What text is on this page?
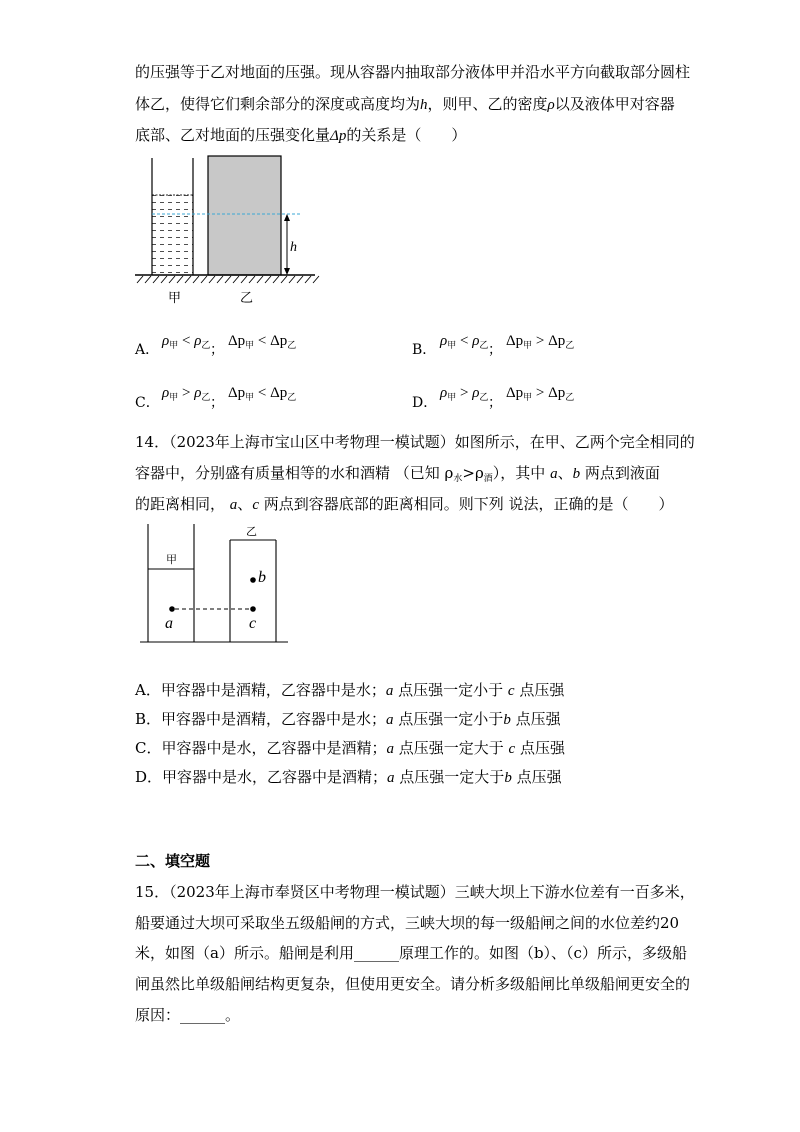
的压强等于乙对地面的压强。现从容器内抽取部分液体甲并沿水平方向截取部分圆柱
体乙，使得它们剩余部分的深度或高度均为h，则甲、乙的密度ρ以及液体甲对容器
底部、乙对地面的压强变化量Δp的关系是（　　）
h
甲	乙
A．
$\rho_甲 < \rho_乙$ ；
$\Delta p_甲 < \Delta p_乙$	B．
$\rho_甲 < \rho_乙$ ；
$\Delta p_甲 > \Delta p_乙$
C．
$\rho_甲 > \rho_乙$ ；
$\Delta p_甲 < \Delta p_乙$	D．
$\rho_甲 > \rho_乙$ ；
$\Delta p_甲 > \Delta p_乙$
14．（2023年上海市宝山区中考物理一模试题）如图所示，在甲、乙两个完全相同的
容器中，分别盛有质量相等的水和酒精 （已知 $\rho_水>\rho_酒$），其中 a、b 两点到液面
的距离相同， a、c 两点到容器底部的距离相同。则下列 说法，正确的是（　　）
甲
乙
a	c
b
A．甲容器中是酒精，乙容器中是水；a 点压强一定小于 c 点压强
B．甲容器中是酒精，乙容器中是水；a 点压强一定小于b 点压强
C．甲容器中是水，乙容器中是酒精；a 点压强一定大于 c 点压强
D．甲容器中是水，乙容器中是酒精；a 点压强一定大于b 点压强
二、填空题
15．（2023年上海市奉贤区中考物理一模试题）三峡大坝上下游水位差有一百多米，
船要通过大坝可采取坐五级船闸的方式，三峡大坝的每一级船闸之间的水位差约20
米，如图（a）所示。船闸是利用______原理工作的。如图（b）、（c）所示，多级船
闸虽然比单级船闸结构更复杂，但使用更安全。请分析多级船闸比单级船闸更安全的
原因：______。
